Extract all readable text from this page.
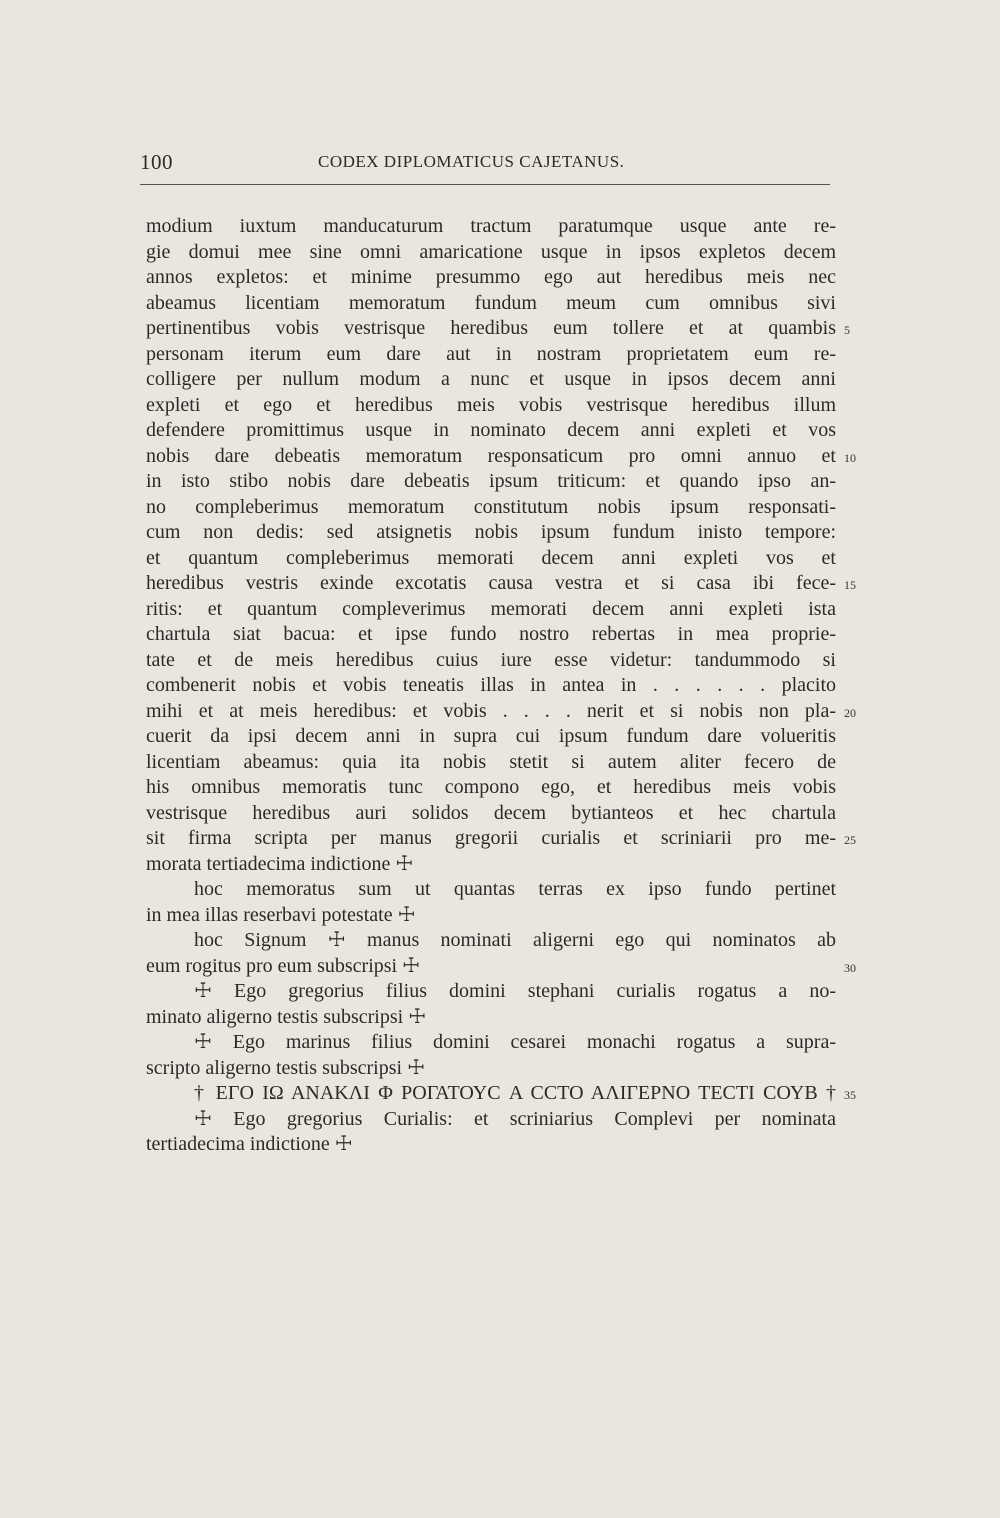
100	CODEX DIPLOMATICUS CAJETANUS.
modium iuxtum manducaturum tractum paratumque usque ante re-
gie domui mee sine omni amaricatione usque in ipsos expletos decem
annos expletos: et minime presummo ego aut heredibus meis nec
abeamus licentiam memoratum fundum meum cum omnibus sivi
pertinentibus vobis vestrisque heredibus eum tollere et at quambis
personam iterum eum dare aut in nostram proprietatem eum re-
colligere per nullum modum a nunc et usque in ipsos decem anni
expleti et ego et heredibus meis vobis vestrisque heredibus illum
defendere promittimus usque in nominato decem anni expleti et vos
nobis dare debeatis memoratum responsaticum pro omni annuo et
in isto stibo nobis dare debeatis ipsum triticum: et quando ipso an-
no compleberimus memoratum constitutum nobis ipsum responsati-
cum non dedis: sed atsignetis nobis ipsum fundum inisto tempore:
et quantum compleberimus memorati decem anni expleti vos et
heredibus vestris exinde excotatis causa vestra et si casa ibi fece-
ritis: et quantum compleverimus memorati decem anni expleti ista
chartula siat bacua: et ipse fundo nostro rebertas in mea proprie-
tate et de meis heredibus cuius iure esse videtur: tandummodo si
combenerit nobis et vobis teneatis illas in antea in . . . . . . placito
mihi et at meis heredibus: et vobis . . . . nerit et si nobis non pla-
cuerit da ipsi decem anni in supra cui ipsum fundum dare volueritis
licentiam abeamus: quia ita nobis stetit si autem aliter fecero de
his omnibus memoratis tunc compono ego, et heredibus meis vobis
vestrisque heredibus auri solidos decem bytianteos et hec chartula
sit firma scripta per manus gregorii curialis et scriniarii pro me-
morata tertiadecima indictione ☩
hoc memoratus sum ut quantas terras ex ipso fundo pertinet
in mea illas reserbavi potestate ☩
hoc Signum ☩ manus nominati aligerni ego qui nominatos ab
eum rogitus pro eum subscripsi ☩
☩ Ego gregorius filius domini stephani curialis rogatus a no-
minato aligerno testis subscripsi ☩
☩ Ego marinus filius domini cesarei monachi rogatus a supra-
scripto aligerno testis subscripsi ☩
† ΕΓΟ ΙΩ ΑΝΑΚΛΙ Φ ΡΟΓΑΤΟΥC Α CCΤΟ ΑΛΙΓΕΡΝΟ ΤΕCΤΙ CΟΥΒ †
☩ Ego gregorius Curialis: et scriniarius Complevi per nominata
tertiadecima indictione ☩
5
10
15
20
25
30
35
